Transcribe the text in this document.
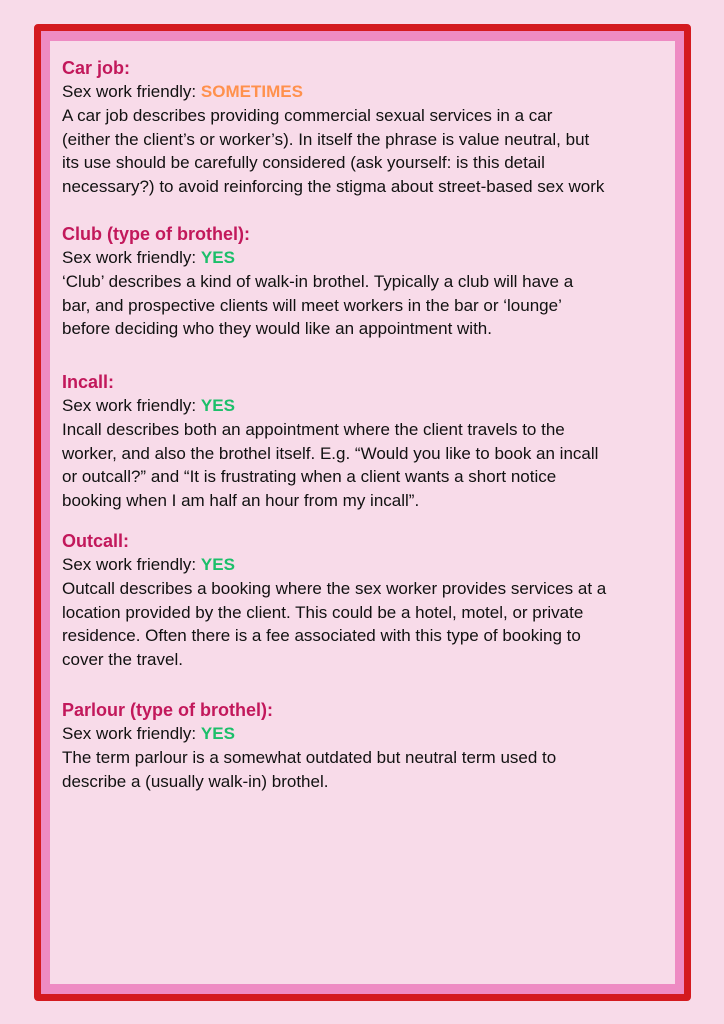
Car job:

Sex work friendly: SOMETIMES

A car job describes providing commercial sexual services in a car
(either the client’s or worker’s). In itself the phrase is value neutral, but
its use should be carefully considered (ask yourself: is this detail
necessary?) to avoid reinforcing the stigma about street-based sex work

Club (type of brothel):

Sex work friendly: YES

‘Club’ describes a kind of walk-in brothel. Typically a club will have a
bar, and prospective clients will meet workers in the bar or ‘lounge’
before deciding who they would like an appointment with.

Incall:

Sex work friendly: YES

Incall describes both an appointment where the client travels to the
worker, and also the brothel itself. E.g. “Would you like to book an incall
or outcall?” and “It is frustrating when a client wants a short notice
booking when I am half an hour from my incall”.

Outcall:

Sex work friendly: YES

Outcall describes a booking where the sex worker provides services at a
location provided by the client. This could be a hotel, motel, or private
residence. Often there is a fee associated with this type of booking to
cover the travel.

Parlour (type of brothel):

Sex work friendly: YES

The term parlour is a somewhat outdated but neutral term used to
describe a (usually walk-in) brothel.
